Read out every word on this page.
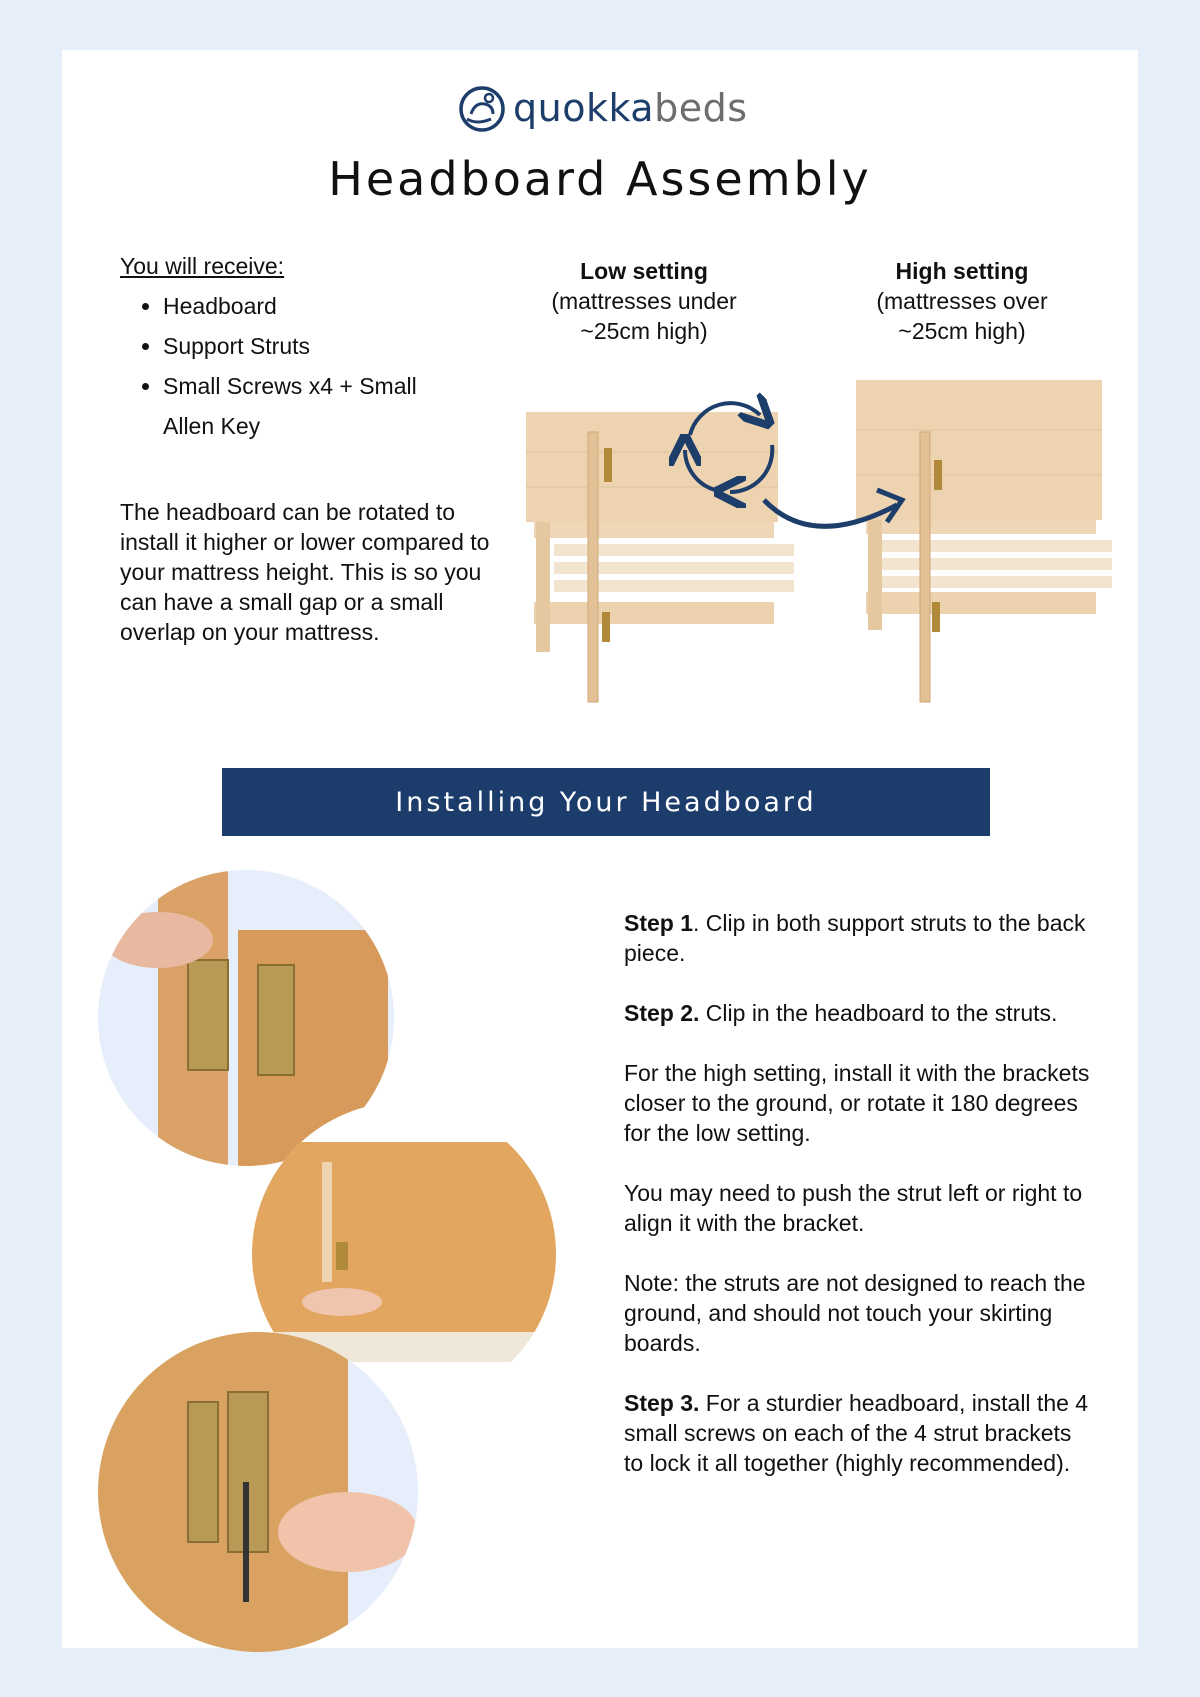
quokkabeds
Headboard Assembly
You will receive:
Headboard
Support Struts
Small Screws x4 + Small Allen Key

The headboard can be rotated to install it higher or lower compared to your mattress height. This is so you can have a small gap or a small overlap on your mattress.

Low setting
(mattresses under ~25cm high)
High setting
(mattresses over ~25cm high)
Installing Your Headboard

Step 1. Clip in both support struts to the back piece.

Step 2. Clip in the headboard to the struts.

For the high setting, install it with the brackets closer to the ground, or rotate it 180 degrees for the low setting.

You may need to push the strut left or right to align it with the bracket.

Note: the struts are not designed to reach the ground, and should not touch your skirting boards.

Step 3. For a sturdier headboard, install the 4 small screws on each of the 4 strut brackets to lock it all together (highly recommended).
